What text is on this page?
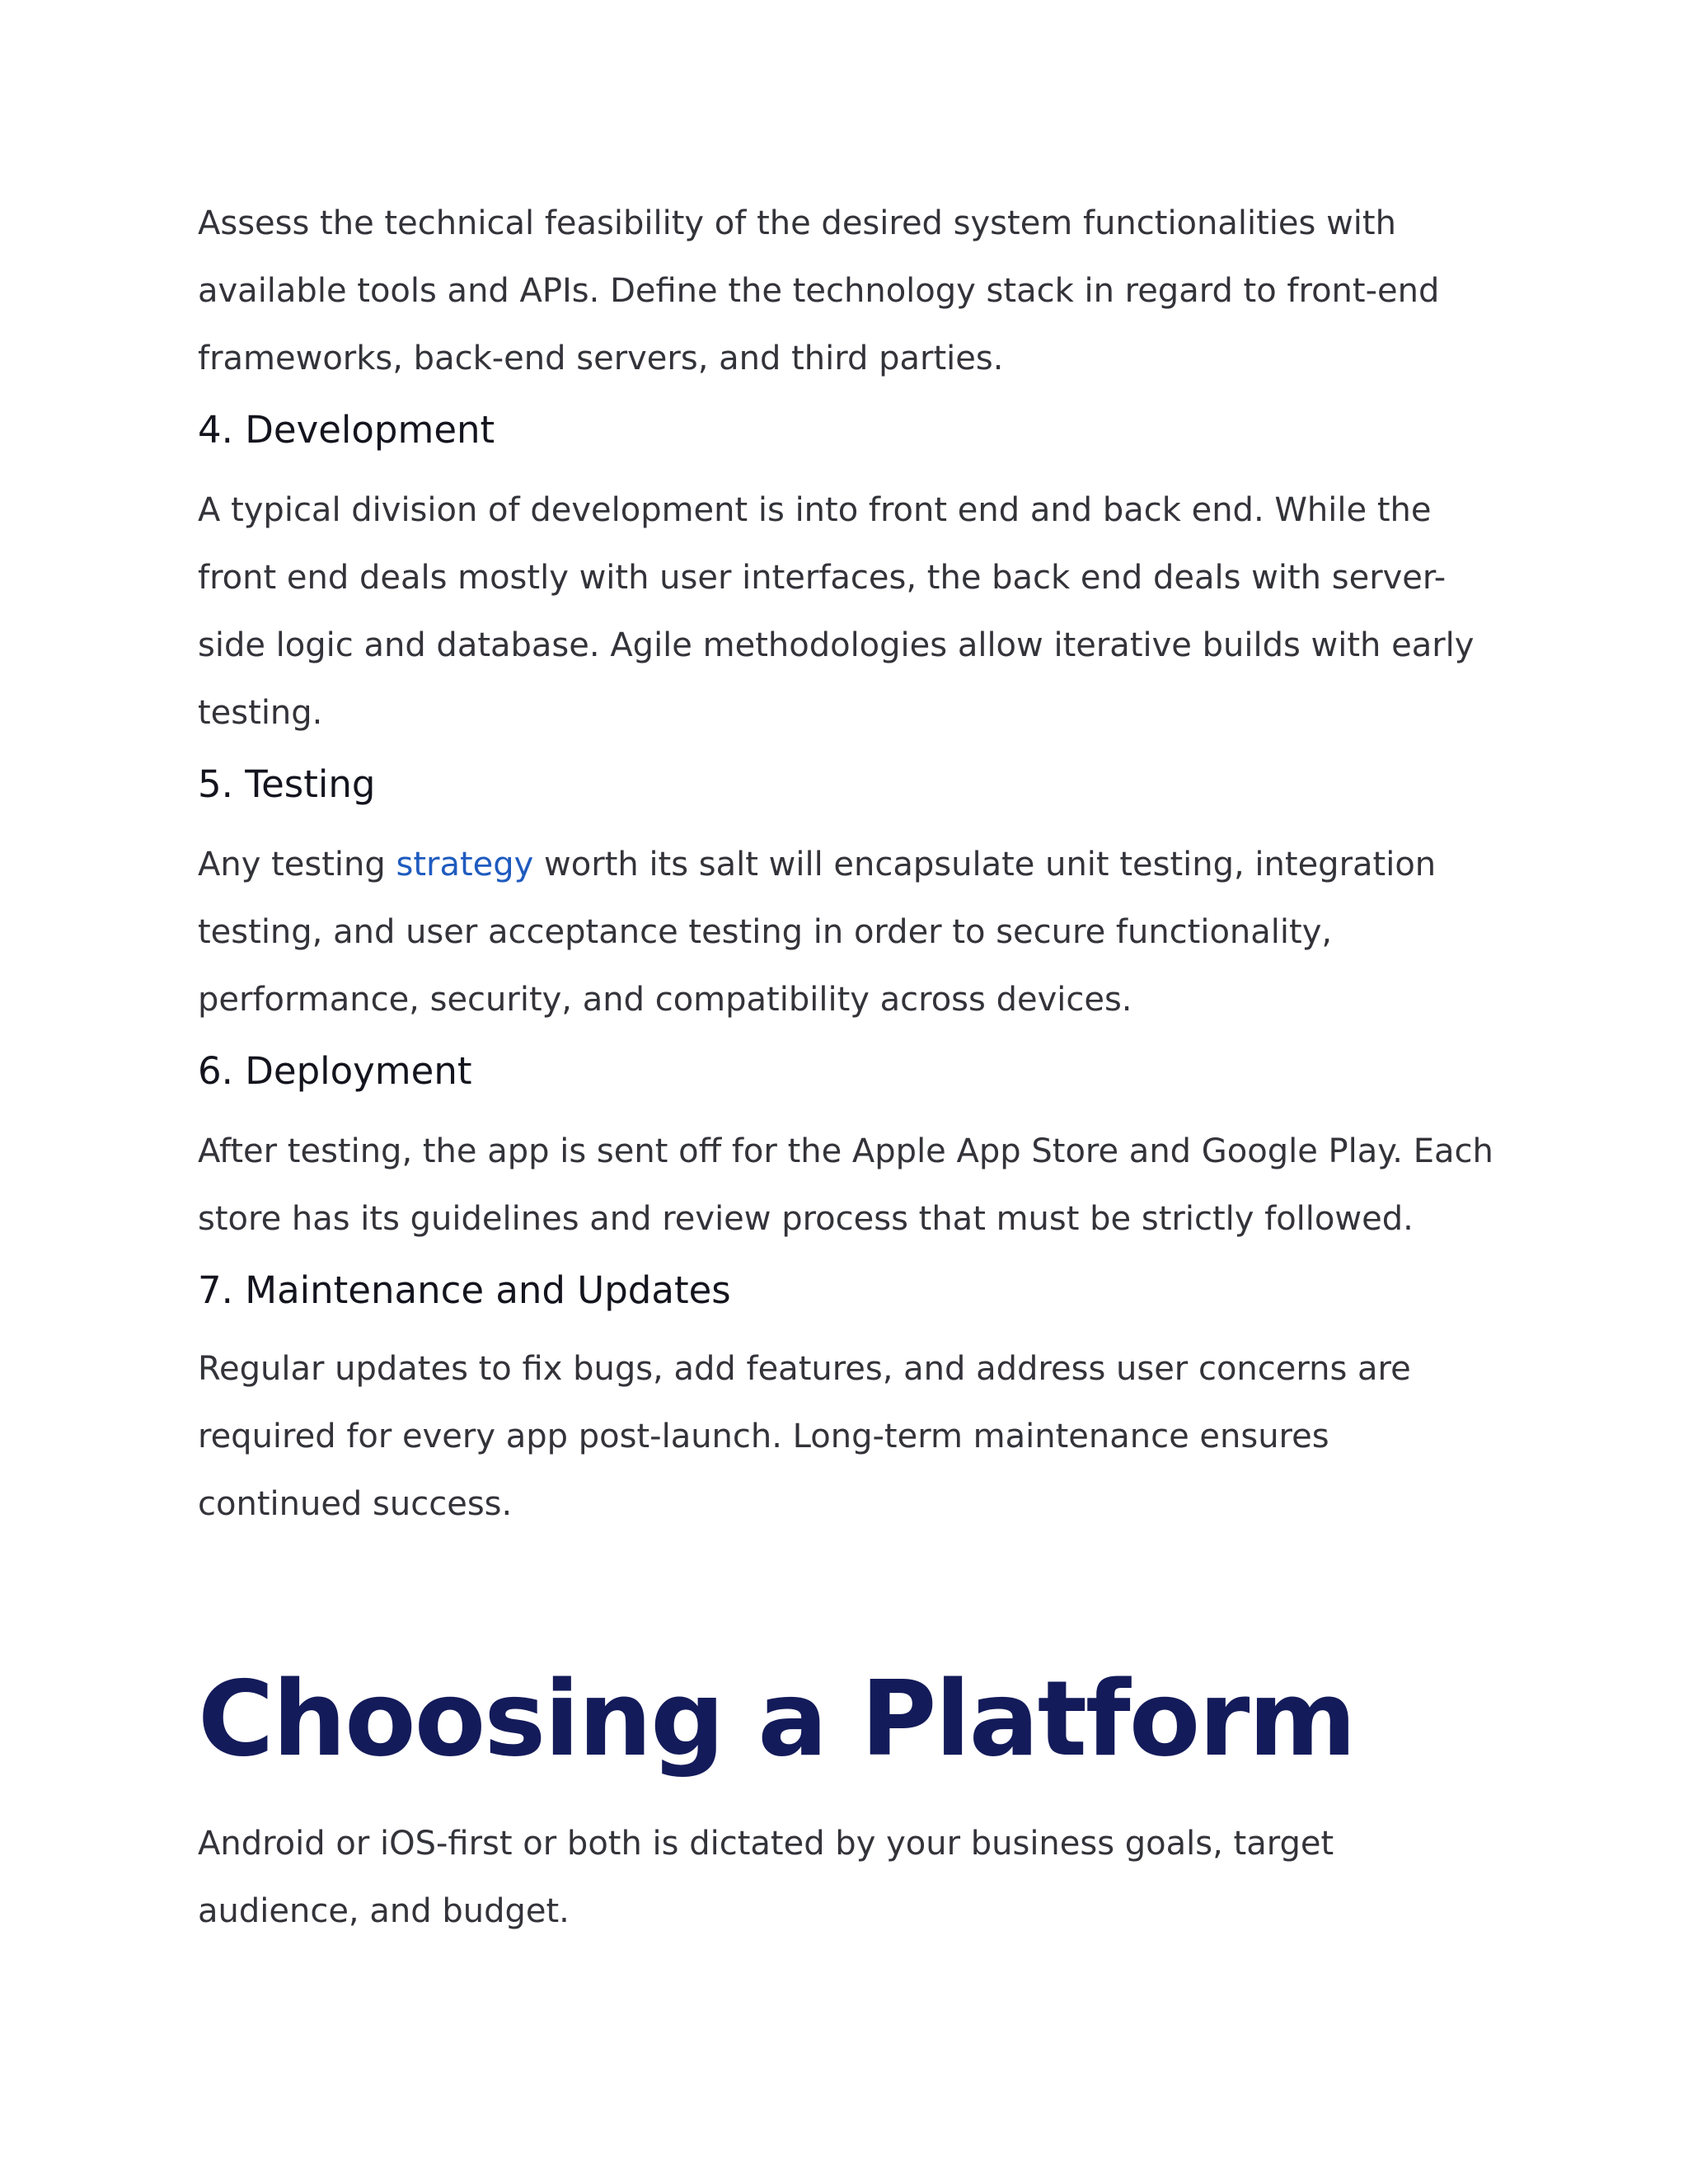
Assess the technical feasibility of the desired system functionalities with available tools and APIs. Define the technology stack in regard to front-end frameworks, back-end servers, and third parties.

4. Development

A typical division of development is into front end and back end. While the front end deals mostly with user interfaces, the back end deals with server-side logic and database. Agile methodologies allow iterative builds with early testing.

5. Testing

Any testing strategy worth its salt will encapsulate unit testing, integration testing, and user acceptance testing in order to secure functionality, performance, security, and compatibility across devices.

6. Deployment

After testing, the app is sent off for the Apple App Store and Google Play. Each store has its guidelines and review process that must be strictly followed.

7. Maintenance and Updates

Regular updates to fix bugs, add features, and address user concerns are required for every app post-launch. Long-term maintenance ensures continued success.

Choosing a Platform

Android or iOS-first or both is dictated by your business goals, target audience, and budget.
